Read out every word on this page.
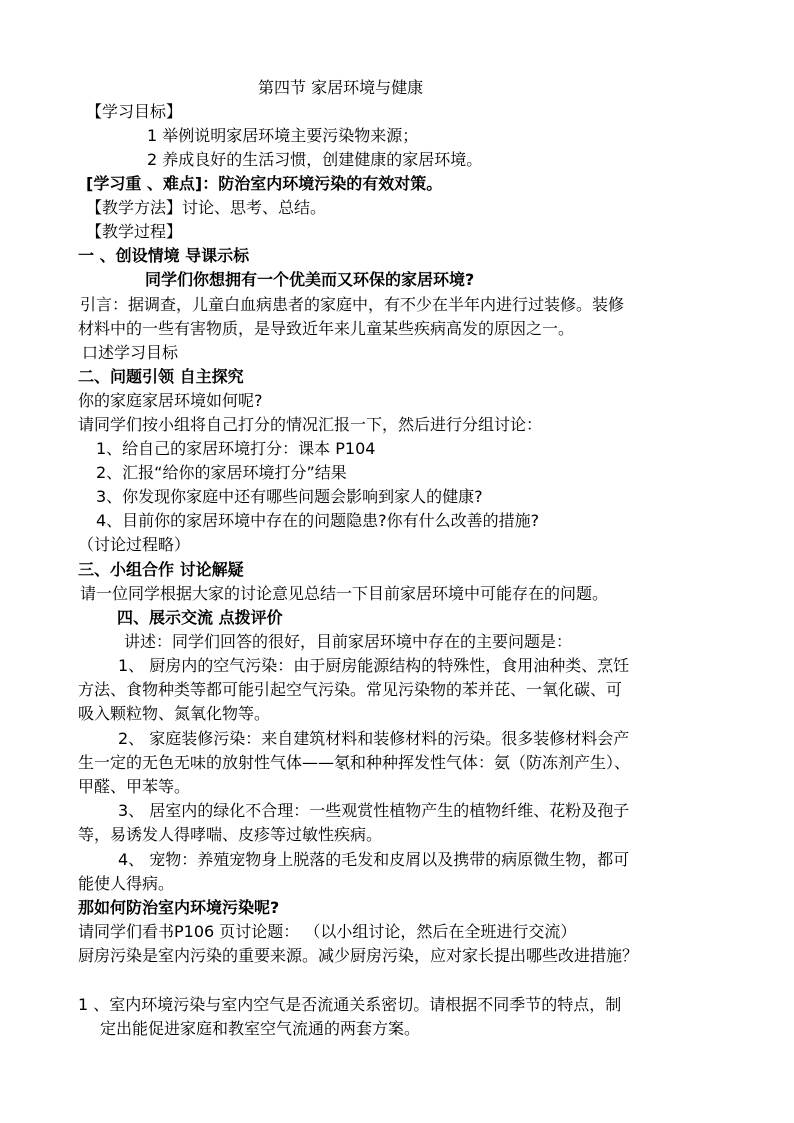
第四节 家居环境与健康
【学习目标】
1 举例说明家居环境主要污染物来源；
2 养成良好的生活习惯，创建健康的家居环境。
[学习重 、难点]：防治室内环境污染的有效对策。
【教学方法】讨论、思考、总结。
【教学过程】
一 、创设情境 导课示标
同学们你想拥有一个优美而又环保的家居环境?
引言：据调查，儿童白血病患者的家庭中，有不少在半年内进行过装修。装修
材料中的一些有害物质，是导致近年来儿童某些疾病高发的原因之一。
口述学习目标
二、问题引领 自主探究
你的家庭家居环境如何呢?
请同学们按小组将自己打分的情况汇报一下，然后进行分组讨论：
1、给自己的家居环境打分：课本 P104
2、汇报“给你的家居环境打分”结果
3、你发现你家庭中还有哪些问题会影响到家人的健康?
4、目前你的家居环境中存在的问题隐患?你有什么改善的措施?
（讨论过程略）
三、小组合作 讨论解疑
请一位同学根据大家的讨论意见总结一下目前家居环境中可能存在的问题。
四、展示交流 点拨评价
讲述：同学们回答的很好，目前家居环境中存在的主要问题是：
1、 厨房内的空气污染：由于厨房能源结构的特殊性，食用油种类、烹饪
方法、食物种类等都可能引起空气污染。常见污染物的苯并芘、一氧化碳、可
吸入颗粒物、氮氧化物等。
2、 家庭装修污染：来自建筑材料和装修材料的污染。很多装修材料会产
生一定的无色无味的放射性气体——氡和种种挥发性气体：氨（防冻剂产生）、
甲醛、甲苯等。
3、 居室内的绿化不合理：一些观赏性植物产生的植物纤维、花粉及孢子
等，易诱发人得哮喘、皮疹等过敏性疾病。
4、 宠物：养殖宠物身上脱落的毛发和皮屑以及携带的病原微生物，都可
能使人得病。
那如何防治室内环境污染呢?
请同学们看书P106 页讨论题： （以小组讨论，然后在全班进行交流）
厨房污染是室内污染的重要来源。减少厨房污染，应对家长提出哪些改进措施？
1 、室内环境污染与室内空气是否流通关系密切。请根据不同季节的特点，制
定出能促进家庭和教室空气流通的两套方案。
